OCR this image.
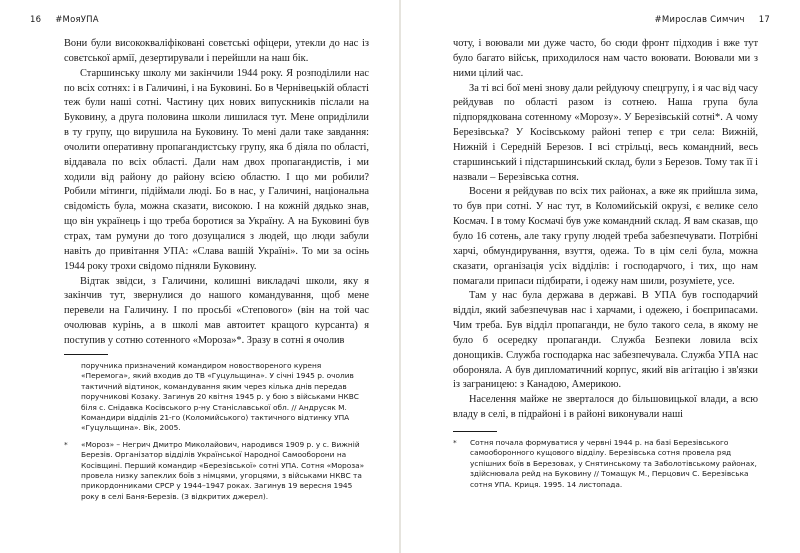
16 #МояУПА

Вони були висококваліфіковані совєтські офіцери, утекли до нас із совєтської армії, дезертирували і перейшли на наш бік.

Старшинську школу ми закінчили 1944 року. Я розподілили нас по всіх сотнях: і в Галичині, і на Буковині. Бо в Чернівецькій області теж були наші сотні. Частину цих нових випускників післали на Буковину, а друга половина школи лишилася тут. Мене оприділили в ту групу, що вирушила на Буковину. То мені дали таке завдання: очолити оперативну пропагандистську групу, яка б діяла по області, віддавала по всіх області. Дали нам двох пропагандистів, і ми ходили від району до району всією областю. І що ми робили? Робили мітинги, підіймали люді. Бо в нас, у Галичині, національна свідомість була, можна сказати, високою. І на кожній дядько знав, що він українець і що треба боротися за Україну. А на Буковині був страх, там румуни до того дозущалися з людей, що люди забули навіть до привітання УПА: «Слава вашій Україні». То ми за осінь 1944 року трохи свідомо підняли Буковину.

Відтак звідси, з Галичини, колишні викладачі школи, яку я закінчив тут, звернулися до нашого командування, щоб мене перевели на Галичину. І по просьбі «Степового» (він на той час очолював курінь, а в школі мав автоитет кращого курсанта) я поступив у сотню сотенного «Мороза»*. Зразу в сотні я очолив

поручника призначений командиром новоствореного куреня «Перемога», який входив до ТВ «Гуцульщина». У січні 1945 р. очолив тактичний відтинок, командування яким через кілька днів передав поручникові Козаку. Загинув 20 квітня 1945 р. у бою з військами НКВС біля с. Снідавка Косівського р-ну Станіславської обл. // Андрусяк М. Командири відділів 21-го (Коломийського) тактичного відтинку УПА «Гуцульщина». Вік, 2005.
* «Мороз» – Негрич Дмитро Миколайович, народився 1909 р. у с. Вижній Березів. Організатор відділів Української Народної Самооборони на Косівщині. Перший командир «Березівської» сотні УПА. Сотня «Мороза» провела низку запеклих боїв з німцями, угорцями, з військами НКВС та прикордонниками СРСР у 1944–1947 роках. Загинув 19 вересня 1945 року в селі Баня-Березів. (З відкритих джерел).
#Мирослав Симчич 17

чоту, і воювали ми дуже часто, бо сюди фронт підходив і вже тут було багато військ, приходилося нам часто воювати. Воювали ми з ними цілий час.

За ті всі бої мені знову дали рейдуючу спецгрупу, і я час від часу рейдував по області разом із сотнею. Наша група була підпорядкована сотенному «Морозу». У Березівській сотні*. А чому Березівська? У Косівському районі тепер є три села: Вижній, Нижній і Середній Березов. І всі стрільці, весь командний, весь старшинський і підстаршинський склад, були з Березов. Тому так її і назвали – Березівська сотня.

Восени я рейдував по всіх тих районах, а вже як прийшла зима, то був при сотні. У нас тут, в Коломийській окрузі, є велике село Космач. І в тому Космачі був уже командний склад. Я вам сказав, що було 16 сотень, але таку групу людей треба забезпечувати. Потрібні харчі, обмундирування, взуття, одежа. То в цім селі була, можна сказати, організація усіх відділів: і господарчого, і тих, що нам помагали припаси підбирати, і одежу нам шили, розуміете, усе.

Там у нас була держава в державі. В УПА був господарчий відділ, який забезпечував нас і харчами, і одежею, і боєприпасами. Чим треба. Був відділ пропаганди, не було такого села, в якому не було б осередку пропаганди. Служба Безпеки ловила всіх донощиків. Служба господарка нас забезпечувала. Служба УПА нас обороняла. А був дипломатичний корпус, який вів агітацію і зв'язки із заграницею: з Канадою, Америкою.

Населення майже не зверталося до більшовицької влади, а всю владу в селі, в підрайоні і в районі виконували наші

* Сотня почала формуватися у червні 1944 р. на базі Березівського самооборонного кущового відділу. Березівська сотня провела ряд успішних боїв в Березовах, у Снятинському та Заболотівському районах, здійснювала рейд на Буковину // Томащук М., Перцович С. Березівська сотня УПА. Криця. 1995. 14 листопада.
